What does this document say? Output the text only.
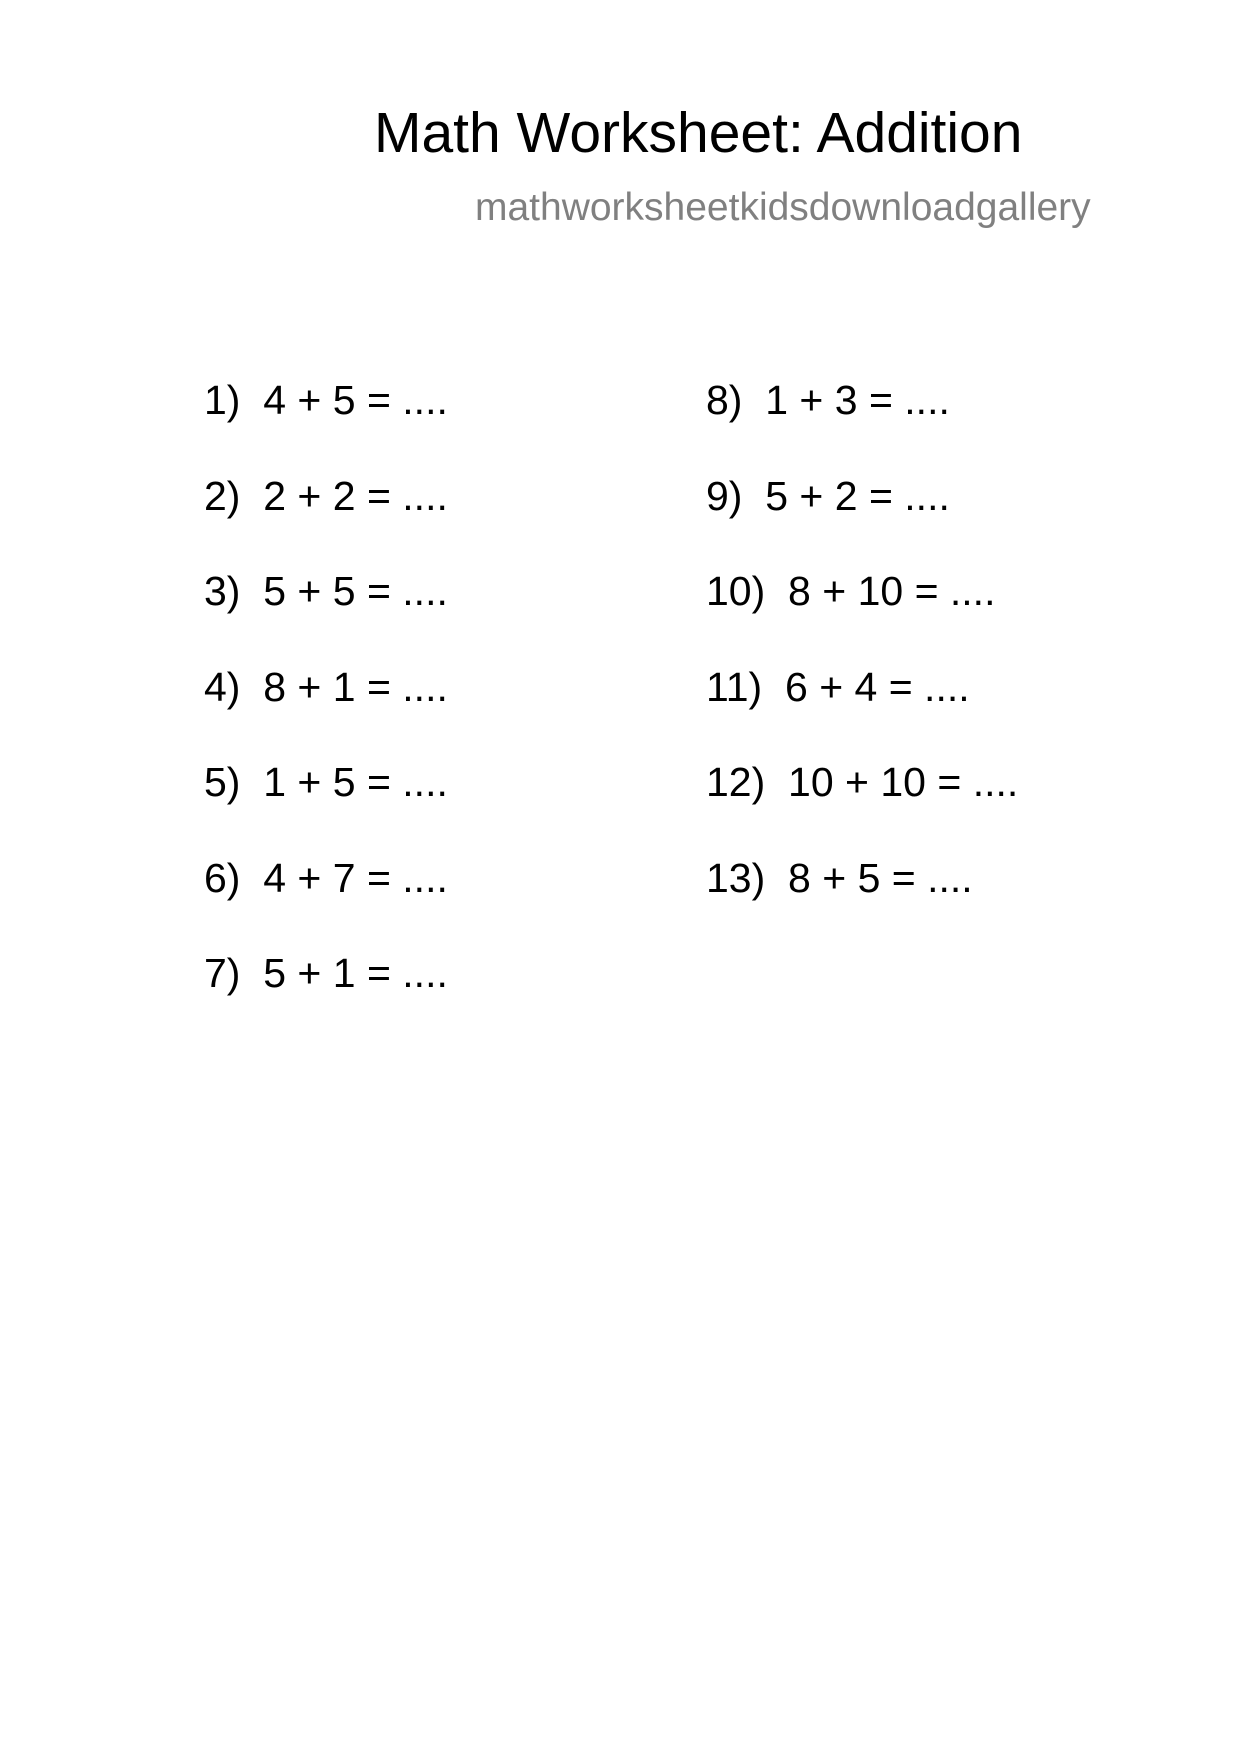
Math Worksheet: Addition
mathworksheetkidsdownloadgallery
1)  4 + 5 = ....
2)  2 + 2 = ....
3)  5 + 5 = ....
4)  8 + 1 = ....
5)  1 + 5 = ....
6)  4 + 7 = ....
7)  5 + 1 = ....
8)  1 + 3 = ....
9)  5 + 2 = ....
10)  8 + 10 = ....
11)  6 + 4 = ....
12)  10 + 10 = ....
13)  8 + 5 = ....
